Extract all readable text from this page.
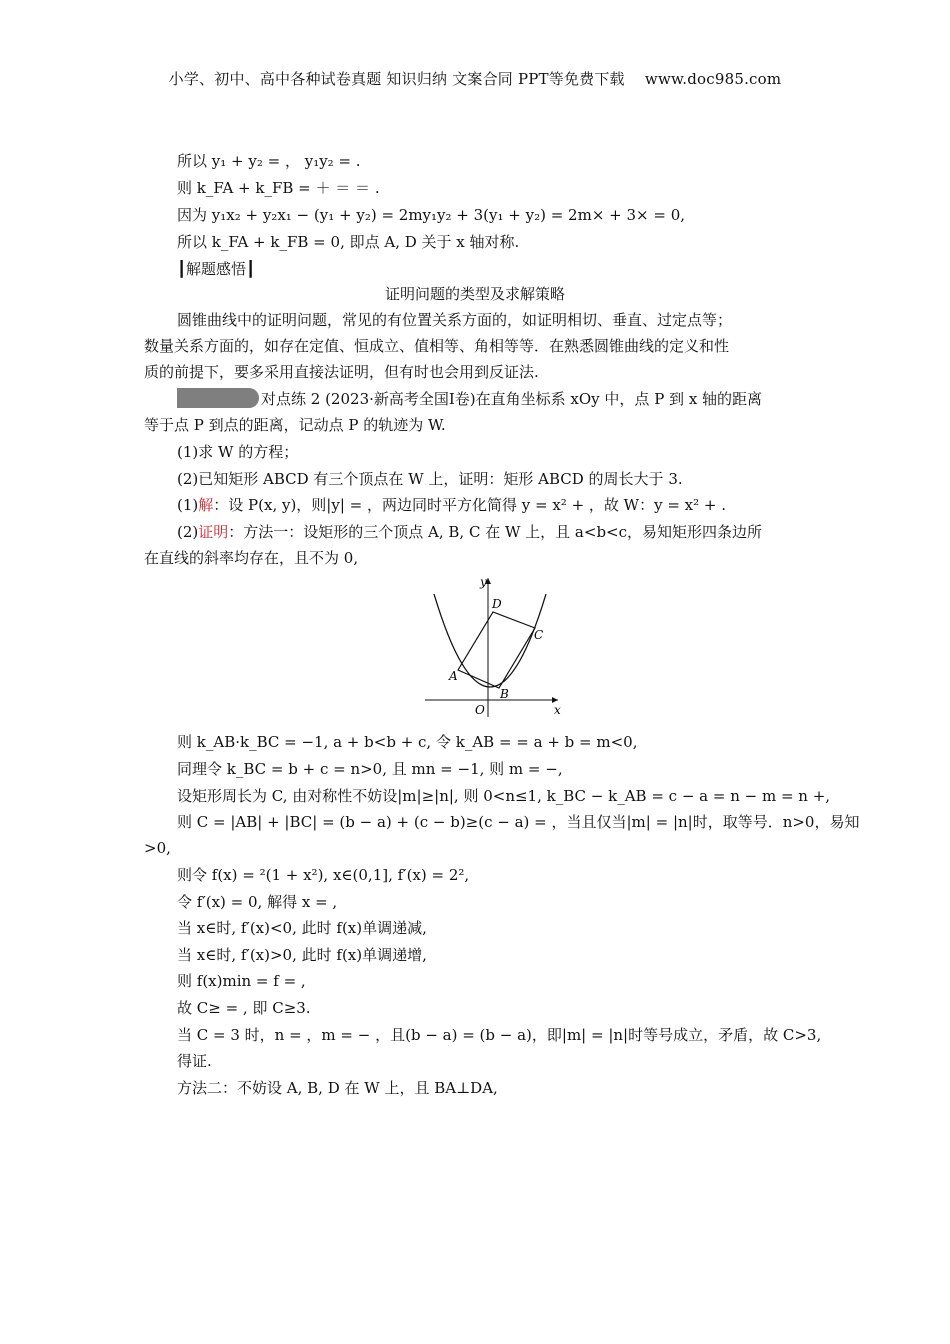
小学、初中、高中各种试卷真题 知识归纳 文案合同 PPT等免费下载　 www.doc985.com
所以 y₁ + y₂ = ， y₁y₂ = .
则 k_FA + k_FB = ＋ ＝ ＝ .
因为 y₁x₂ + y₂x₁ − (y₁ + y₂) = 2my₁y₂ + 3(y₁ + y₂) = 2m× + 3× = 0,
所以 k_FA + k_FB = 0, 即点 A, D 关于 x 轴对称.
┃解题感悟┃
证明问题的类型及求解策略
圆锥曲线中的证明问题，常见的有位置关系方面的，如证明相切、垂直、过定点等；
数量关系方面的，如存在定值、恒成立、值相等、角相等等．在熟悉圆锥曲线的定义和性
质的前提下，要多采用直接法证明，但有时也会用到反证法.
对点练 2 (2023·新高考全国Ⅰ卷)在直角坐标系 xOy 中，点 P 到 x 轴的距离
等于点 P 到点的距离，记动点 P 的轨迹为 W.
(1)求 W 的方程；
(2)已知矩形 ABCD 有三个顶点在 W 上，证明：矩形 ABCD 的周长大于 3.
(1)解：设 P(x, y)，则|y| = ，两边同时平方化简得 y = x² + ，故 W：y = x² + .
(2)证明：方法一：设矩形的三个顶点 A, B, C 在 W 上，且 a<b<c，易知矩形四条边所
在直线的斜率均存在，且不为 0,
y
D
C
A
B
O	x
则 k_AB·k_BC = −1, a + b<b + c, 令 k_AB = = a + b = m<0,
同理令 k_BC = b + c = n>0, 且 mn = −1, 则 m = −,
设矩形周长为 C, 由对称性不妨设|m|≥|n|, 则 0<n≤1, k_BC − k_AB = c − a = n − m = n +,
则 C = |AB| + |BC| = (b − a) + (c − b)≥(c − a) = ，当且仅当|m| = |n|时，取等号．n>0，易知
>0,
则令 f(x) = ²(1 + x²), x∈(0,1], f′(x) = 2²,
令 f′(x) = 0, 解得 x = ,
当 x∈时, f′(x)<0, 此时 f(x)单调递减,
当 x∈时, f′(x)>0, 此时 f(x)单调递增,
则 f(x)min = f = ,
故 C≥ = , 即 C≥3.
当 C = 3 时，n = ，m = − ，且(b − a) = (b − a)，即|m| = |n|时等号成立，矛盾，故 C>3,
得证.
方法二：不妨设 A, B, D 在 W 上，且 BA⊥DA,
